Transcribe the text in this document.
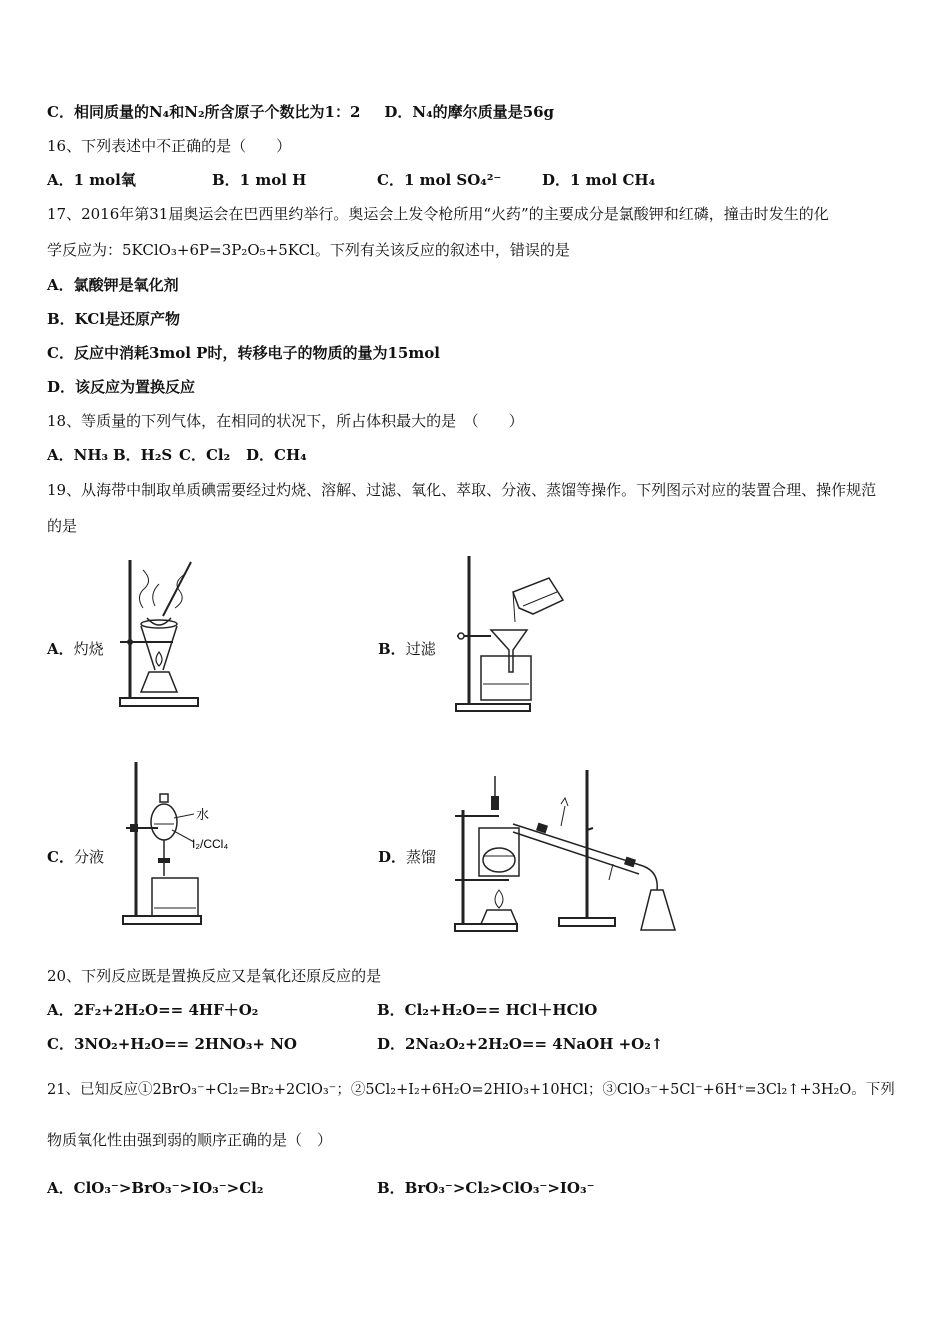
C．相同质量的N₄和N₂所含原子个数比为1：2 D．N₄的摩尔质量是56g
16、下列表述中不正确的是（　　）
A．1 mol氧	B．1 mol H	C．1 mol SO₄²⁻	D．1 mol CH₄
17、2016年第31届奥运会在巴西里约举行。奥运会上发令枪所用“火药”的主要成分是氯酸钾和红磷，撞击时发生的化
学反应为：5KClO₃+6P=3P₂O₅+5KCl。下列有关该反应的叙述中，错误的是
A．氯酸钾是氧化剂
B．KCl是还原产物
C．反应中消耗3mol P时，转移电子的物质的量为15mol
D．该反应为置换反应
18、等质量的下列气体，在相同的状况下，所占体积最大的是　（　　）
A．NH₃ B．H₂S C．Cl₂ D．CH₄
19、从海带中制取单质碘需要经过灼烧、溶解、过滤、氧化、萃取、分液、蒸馏等操作。下列图示对应的装置合理、操作规范
的是
A．灼烧	B．过滤
C．分液
水
I₂/CCl₄
D．蒸馏
20、下列反应既是置换反应又是氧化还原反应的是
A．2F₂+2H₂O== 4HF＋O₂	B．Cl₂+H₂O== HCl＋HClO
C．3NO₂+H₂O== 2HNO₃+ NO	D．2Na₂O₂+2H₂O== 4NaOH +O₂↑
21、已知反应①2BrO₃⁻+Cl₂=Br₂+2ClO₃⁻；②5Cl₂+I₂+6H₂O=2HIO₃+10HCl；③ClO₃⁻+5Cl⁻+6H⁺=3Cl₂↑+3H₂O。下列
物质氧化性由强到弱的顺序正确的是（　）
A．ClO₃⁻>BrO₃⁻>IO₃⁻>Cl₂	B．BrO₃⁻>Cl₂>ClO₃⁻>IO₃⁻
